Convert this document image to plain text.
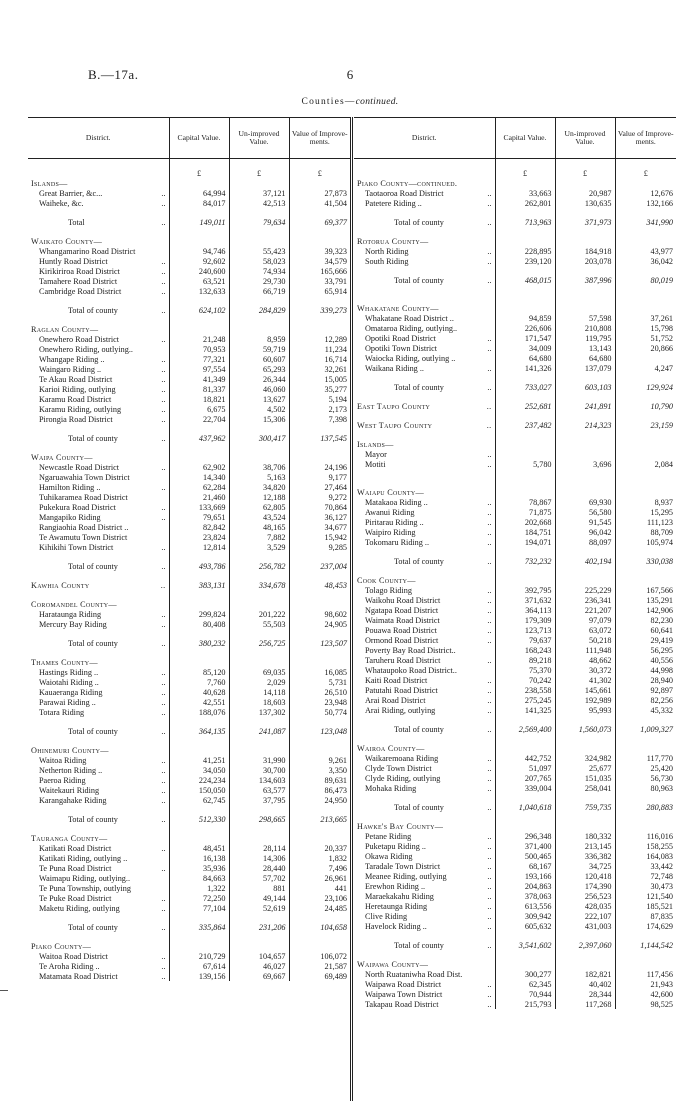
B.—17a.	6
Counties—continued.
District.	Capital Value.	Un-improved Value.	Value of Improve-ments.

	£	£	£
Islands—			

..
Great Barrier, &c...	64,994	37,121	27,873

..
Waiheke, &c.	84,017	42,513	41,504

..
Total	149,011	79,634	69,377

Waikato County—			
Whangamarino Road District	94,746	55,423	39,323

..
Huntly Road District	92,602	58,023	34,579

..
Kirikiriroa Road District	240,600	74,934	165,666

..
Tamahere Road District	63,521	29,730	33,791

..
Cambridge Road District	132,633	66,719	65,914

..
Total of county	624,102	284,829	339,273

Raglan County—			

..
Onewhero Road District	21,248	8,959	12,289
Onewhero Riding, outlying..	70,953	59,719	11,234

..
Whangape Riding ..	77,321	60,607	16,714

..
Waingaro Riding ..	97,554	65,293	32,261

..
Te Akau Road District	41,349	26,344	15,005

..
Karioi Riding, outlying	81,337	46,060	35,277

..
Karamu Road District	18,821	13,627	5,194

..
Karamu Riding, outlying	6,675	4,502	2,173

..
Pirongia Road District	22,704	15,306	7,398

..
Total of county	437,962	300,417	137,545

Waipa County—			

..
Newcastle Road District	62,902	38,706	24,196
Ngaruawahia Town District	14,340	5,163	9,177

..
Hamilton Riding ..	62,284	34,820	27,464
Tuhikaramea Road District	21,460	12,188	9,272

..
Pukekura Road District	133,669	62,805	70,864

..
Mangapiko Riding	79,651	43,524	36,127
Rangiaohia Road District ..	82,842	48,165	34,677
Te Awamutu Town District	23,824	7,882	15,942

..
Kihikihi Town District	12,814	3,529	9,285

..
Total of county	493,786	256,782	237,004

..
Kawhia County	383,131	334,678	48,453

Coromandel County—			

..
Harataunga Riding	299,824	201,222	98,602

..
Mercury Bay Riding	80,408	55,503	24,905

..
Total of county	380,232	256,725	123,507

Thames County—			

..
Hastings Riding ..	85,120	69,035	16,085

..
Waiotahi Riding ..	7,760	2,029	5,731

..
Kauaeranga Riding	40,628	14,118	26,510

..
Parawai Riding ..	42,551	18,603	23,948

..
Totara Riding	188,076	137,302	50,774

..
Total of county	364,135	241,087	123,048

Ohinemuri County—			

..
Waitoa Riding	41,251	31,990	9,261

..
Netherton Riding ..	34,050	30,700	3,350

..
Paeroa Riding	224,234	134,603	89,631

..
Waitekauri Riding	150,050	63,577	86,473

..
Karangahake Riding	62,745	37,795	24,950

..
Total of county	512,330	298,665	213,665

Tauranga County—			

..
Katikati Road District	48,451	28,114	20,337
Katikati Riding, outlying ..	16,138	14,306	1,832

..
Te Puna Road District	35,936	28,440	7,496
Waimapu Riding, outlying..	84,663	57,702	26,961
Te Puna Township, outlying	1,322	881	441

..
Te Puke Road District	72,250	49,144	23,106

..
Maketu Riding, outlying	77,104	52,619	24,485

..
Total of county	335,864	231,206	104,658

Piako County—			

..
Waitoa Road District	210,729	104,657	106,072

..
Te Aroha Riding ..	67,614	46,027	21,587

..
Matamata Road District	139,156	69,667	69,489
District.	Capital Value.	Un-improved Value.	Value of Improve-ments.

	£	£	£
Piako County—continued.			

..
Taotaoroa Road District	33,663	20,987	12,676

..
Patetere Riding ..	262,801	130,635	132,166

..
Total of county	713,963	371,973	341,990

Rotorua County—			

..
North Riding	228,895	184,918	43,977

..
South Riding	239,120	203,078	36,042

..
Total of county	468,015	387,996	80,019

Whakatane County—			
Whakatane Road District ..	94,859	57,598	37,261
Omataroa Riding, outlying..	226,606	210,808	15,798

..
Opotiki Road District	171,547	119,795	51,752

..
Opotiki Town District	34,009	13,143	20,866
Waiocka Riding, outlying ..	64,680	64,680	

..
Waikana Riding ..	141,326	137,079	4,247

..
Total of county	733,027	603,103	129,924

..
East Taupo County	252,681	241,891	10,790

..
West Taupo County	237,482	214,323	23,159

Islands—			

..
Mayor			

..
Motiti	5,780	3,696	2,084

Waiapu County—			

..
Matakaoa Riding ..	78,867	69,930	8,937

..
Awanui Riding	71,875	56,580	15,295

..
Piritarau Riding ..	202,668	91,545	111,123

..
Waipiro Riding	184,751	96,042	88,709

..
Tokomaru Riding ..	194,071	88,097	105,974

..
Total of county	732,232	402,194	330,038

Cook County—			

..
Tolago Riding	392,795	225,229	167,566

..
Waikohu Road District	371,632	236,341	135,291

..
Ngatapa Road District	364,113	221,207	142,906

..
Waimata Road District	179,309	97,079	82,230

..
Pouawa Road District	123,713	63,072	60,641

..
Ormond Road District	79,637	50,218	29,419
Poverty Bay Road District..	168,243	111,948	56,295

..
Taruheru Road District	89,218	48,662	40,556
Whataupoko Road District..	75,370	30,372	44,998

..
Kaiti Road District	70,242	41,302	28,940

..
Patutahi Road District	238,558	145,661	92,897

..
Arai Road District	275,245	192,989	82,256

..
Arai Riding, outlying	141,325	95,993	45,332

..
Total of county	2,569,400	1,560,073	1,009,327

Wairoa County—			

..
Waikaremoana Riding	442,752	324,982	117,770

..
Clyde Town District	51,097	25,677	25,420

..
Clyde Riding, outlying	207,765	151,035	56,730

..
Mohaka Riding	339,004	258,041	80,963

..
Total of county	1,040,618	759,735	280,883

Hawke's Bay County—			

..
Petane Riding	296,348	180,332	116,016

..
Puketapu Riding ..	371,400	213,145	158,255

..
Okawa Riding	500,465	336,382	164,083

..
Taradale Town District	68,167	34,725	33,442

..
Meanee Riding, outlying	193,166	120,418	72,748

..
Erewhon Riding ..	204,863	174,390	30,473

..
Maraekakahu Riding	378,063	256,523	121,540

..
Heretaunga Riding	613,556	428,035	185,521

..
Clive Riding	309,942	222,107	87,835

..
Havelock Riding ..	605,632	431,003	174,629

..
Total of county	3,541,602	2,397,060	1,144,542

Waipawa County—			
North Ruataniwha Road Dist.	300,277	182,821	117,456

..
Waipawa Road District	62,345	40,402	21,943

..
Waipawa Town District	70,944	28,344	42,600

..
Takapau Road District	215,793	117,268	98,525
